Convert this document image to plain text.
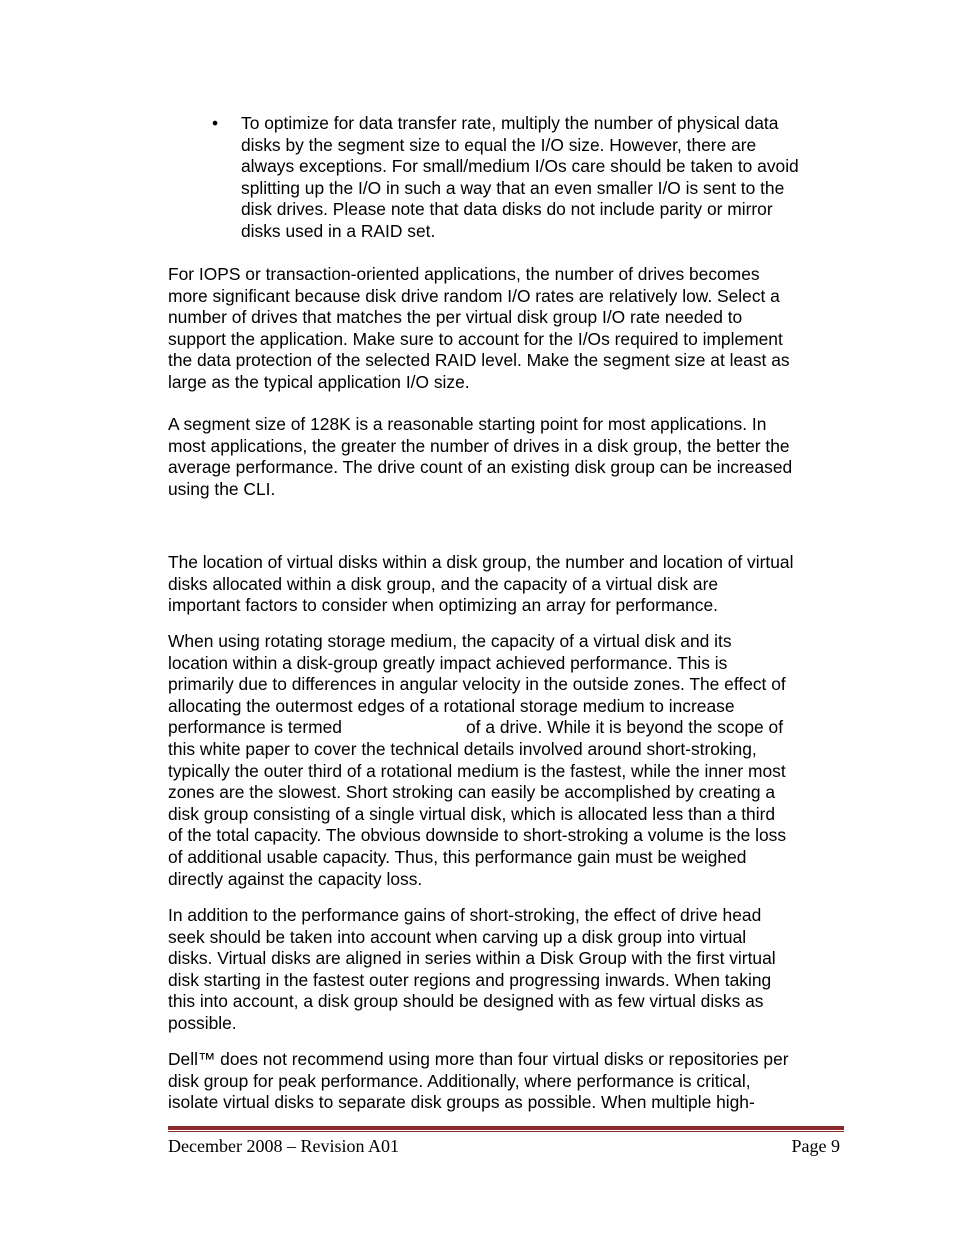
•	To optimize for data transfer rate, multiply the number of physical data
disks by the segment size to equal the I/O size. However, there are
always exceptions. For small/medium I/Os care should be taken to avoid
splitting up the I/O in such a way that an even smaller I/O is sent to the
disk drives. Please note that data disks do not include parity or mirror
disks used in a RAID set.
For IOPS or transaction-oriented applications, the number of drives becomes
more significant because disk drive random I/O rates are relatively low. Select a
number of drives that matches the per virtual disk group I/O rate needed to
support the application. Make sure to account for the I/Os required to implement
the data protection of the selected RAID level. Make the segment size at least as
large as the typical application I/O size.
A segment size of 128K is a reasonable starting point for most applications. In
most applications, the greater the number of drives in a disk group, the better the
average performance. The drive count of an existing disk group can be increased
using the CLI.
The location of virtual disks within a disk group, the number and location of virtual
disks allocated within a disk group, and the capacity of a virtual disk are
important factors to consider when optimizing an array for performance.
When using rotating storage medium, the capacity of a virtual disk and its
location within a disk-group greatly impact achieved performance. This is
primarily due to differences in angular velocity in the outside zones. The effect of
allocating the outermost edges of a rotational storage medium to increase
performance is termed	of a drive. While it is beyond the scope of
this white paper to cover the technical details involved around short-stroking,
typically the outer third of a rotational medium is the fastest, while the inner most
zones are the slowest. Short stroking can easily be accomplished by creating a
disk group consisting of a single virtual disk, which is allocated less than a third
of the total capacity. The obvious downside to short-stroking a volume is the loss
of additional usable capacity. Thus, this performance gain must be weighed
directly against the capacity loss.
In addition to the performance gains of short-stroking, the effect of drive head
seek should be taken into account when carving up a disk group into virtual
disks. Virtual disks are aligned in series within a Disk Group with the first virtual
disk starting in the fastest outer regions and progressing inwards. When taking
this into account, a disk group should be designed with as few virtual disks as
possible.
Dell™ does not recommend using more than four virtual disks or repositories per
disk group for peak performance. Additionally, where performance is critical,
isolate virtual disks to separate disk groups as possible. When multiple high-
December 2008 – Revision A01	Page 9
